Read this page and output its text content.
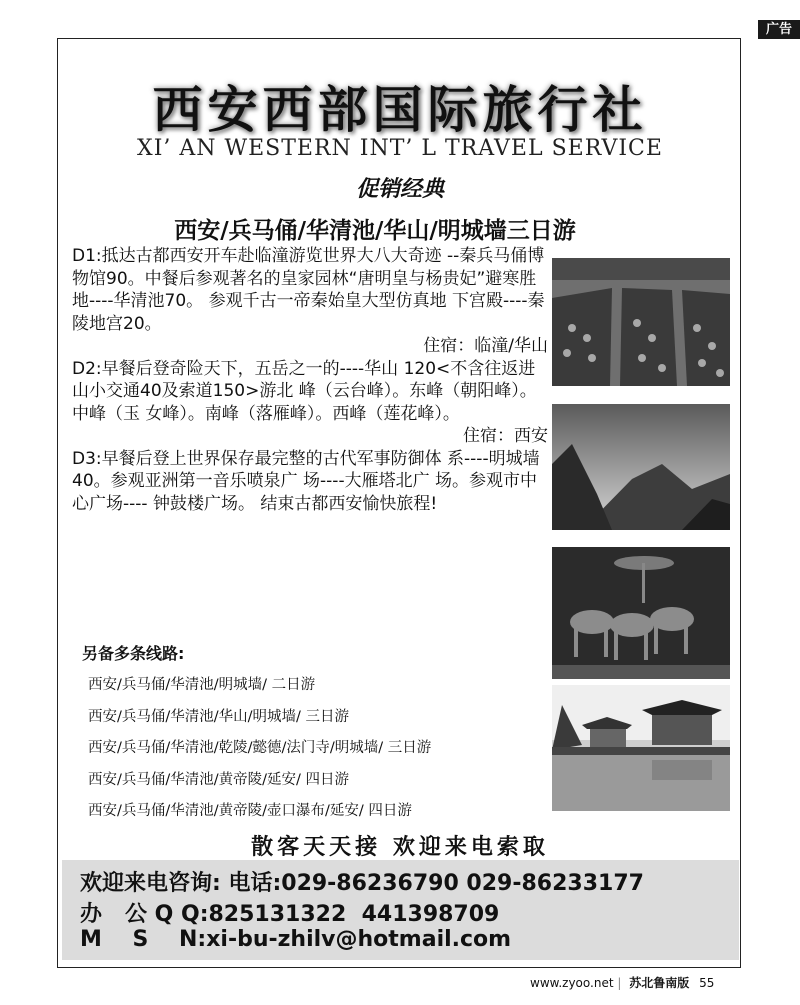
广告
西安西部国际旅行社
XI’ AN WESTERN INT’ L TRAVEL SERVICE
促销经典
西安/兵马俑/华清池/华山/明城墙三日游
D1:抵达古都西安开车赴临潼游览世界大八大奇迹 --秦兵马俑博物馆90。中餐后参观著名的皇家园林“唐明皇与杨贵妃”避寒胜地----华清池70。 参观千古一帝秦始皇大型仿真地 下宫殿----秦陵地宫20。
住宿：临潼/华山
D2:早餐后登奇险天下，五岳之一的----华山 120<不含往返进山小交通40及索道150>游北 峰（云台峰）。东峰（朝阳峰）。中峰（玉 女峰）。南峰（落雁峰）。西峰（莲花峰）。
住宿：西安
D3:早餐后登上世界保存最完整的古代军事防御体 系----明城墙40。参观亚洲第一音乐喷泉广 场----大雁塔北广 场。参观市中心广场---- 钟鼓楼广场。 结束古都西安愉快旅程!
另备多条线路:
西安/兵马俑/华清池/明城墙/ 二日游
西安/兵马俑/华清池/华山/明城墙/ 三日游
西安/兵马俑/华清池/乾陵/懿德/法门寺/明城墙/ 三日游
西安/兵马俑/华清池/黄帝陵/延安/ 四日游
西安/兵马俑/华清池/黄帝陵/壶口瀑布/延安/ 四日游
散客天天接 欢迎来电索取
欢迎来电咨询: 电话:029-86236790 029-86233177
办   公 Q Q:825131322  441398709
M    S    N:xi-bu-zhilv@hotmail.com
www.zyoo.net | 苏北鲁南版 55
